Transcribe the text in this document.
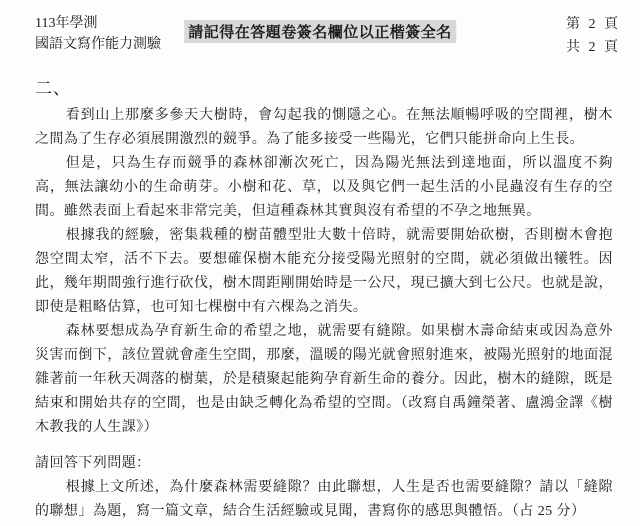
113年學測
國語文寫作能力測驗
請記得在答題卷簽名欄位以正楷簽全名
第 2 頁
共 2 頁
二、

看到山上那麼多參天大樹時，會勾起我的惻隱之心。在無法順暢呼吸的空間裡，樹木之間為了生存必須展開激烈的競爭。為了能多接受一些陽光，它們只能拼命向上生長。

但是，只為生存而競爭的森林卻漸次死亡，因為陽光無法到達地面，所以溫度不夠高，無法讓幼小的生命萌芽。小樹和花、草，以及與它們一起生活的小昆蟲沒有生存的空間。雖然表面上看起來非常完美，但這種森林其實與沒有希望的不孕之地無異。

根據我的經驗，密集栽種的樹苗體型壯大數十倍時，就需要開始砍樹，否則樹木會抱怨空間太窄，活不下去。要想確保樹木能充分接受陽光照射的空間，就必須做出犧牲。因此，幾年期間強行進行砍伐，樹木間距剛開始時是一公尺，現已擴大到七公尺。也就是說，即使是粗略估算，也可知七棵樹中有六棵為之消失。

森林要想成為孕育新生命的希望之地，就需要有縫隙。如果樹木壽命結束或因為意外災害而倒下，該位置就會產生空間，那麼，溫暖的陽光就會照射進來，被陽光照射的地面混雜著前一年秋天凋落的樹葉，於是積聚起能夠孕育新生命的養分。因此，樹木的縫隙，既是結束和開始共存的空間，也是由缺乏轉化為希望的空間。（改寫自禹鐘榮著、盧鴻金譯《樹木教我的人生課》）

請回答下列問題：

根據上文所述，為什麼森林需要縫隙？由此聯想，人生是否也需要縫隙？請以「縫隙的聯想」為題，寫一篇文章，結合生活經驗或見聞，書寫你的感思與體悟。（占 25 分）
